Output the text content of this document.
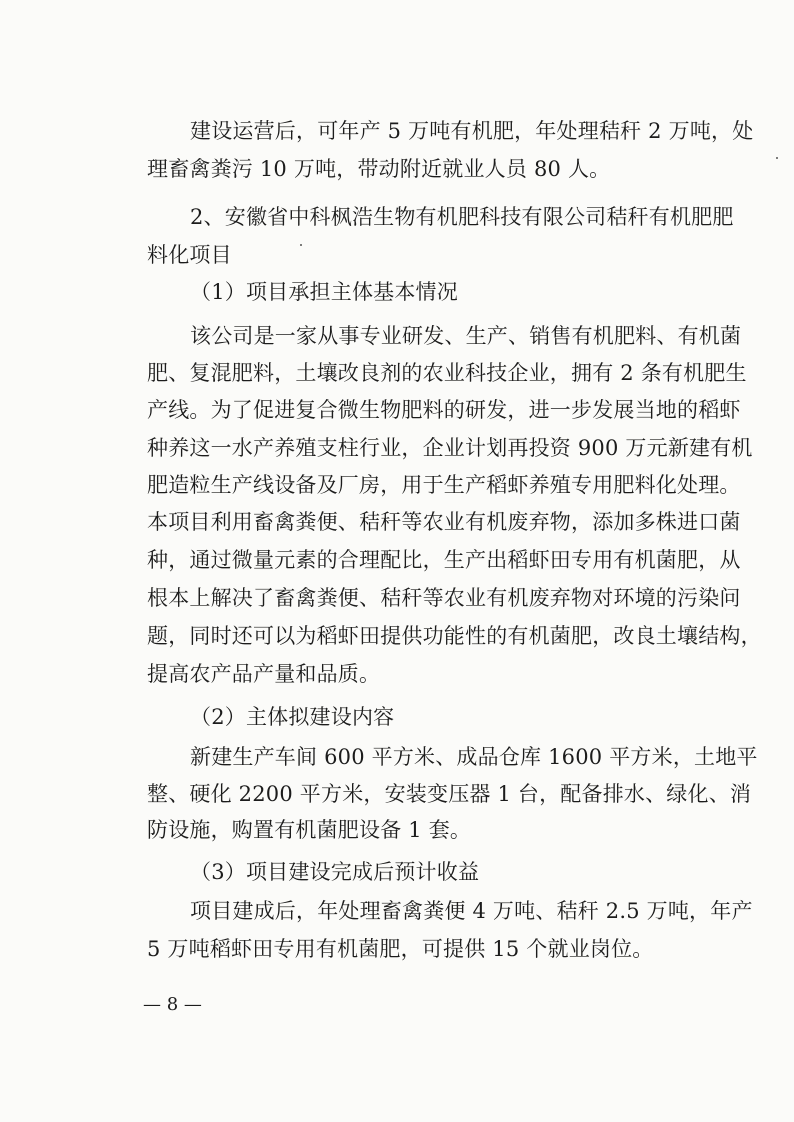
建设运营后，可年产 5 万吨有机肥，年处理秸秆 2 万吨，处
理畜禽粪污 10 万吨，带动附近就业人员 80 人。
2、安徽省中科枫浩生物有机肥科技有限公司秸秆有机肥肥
料化项目
（1）项目承担主体基本情况
该公司是一家从事专业研发、生产、销售有机肥料、有机菌
肥、复混肥料，土壤改良剂的农业科技企业，拥有 2 条有机肥生
产线。为了促进复合微生物肥料的研发，进一步发展当地的稻虾
种养这一水产养殖支柱行业，企业计划再投资 900 万元新建有机
肥造粒生产线设备及厂房，用于生产稻虾养殖专用肥料化处理。
本项目利用畜禽粪便、秸秆等农业有机废弃物，添加多株进口菌
种，通过微量元素的合理配比，生产出稻虾田专用有机菌肥，从
根本上解决了畜禽粪便、秸秆等农业有机废弃物对环境的污染问
题，同时还可以为稻虾田提供功能性的有机菌肥，改良土壤结构，
提高农产品产量和品质。
（2）主体拟建设内容
新建生产车间 600 平方米、成品仓库 1600 平方米，土地平
整、硬化 2200 平方米，安装变压器 1 台，配备排水、绿化、消
防设施，购置有机菌肥设备 1 套。
（3）项目建设完成后预计收益
项目建成后，年处理畜禽粪便 4 万吨、秸秆 2.5 万吨，年产
5 万吨稻虾田专用有机菌肥，可提供 15 个就业岗位。
— 8 —
